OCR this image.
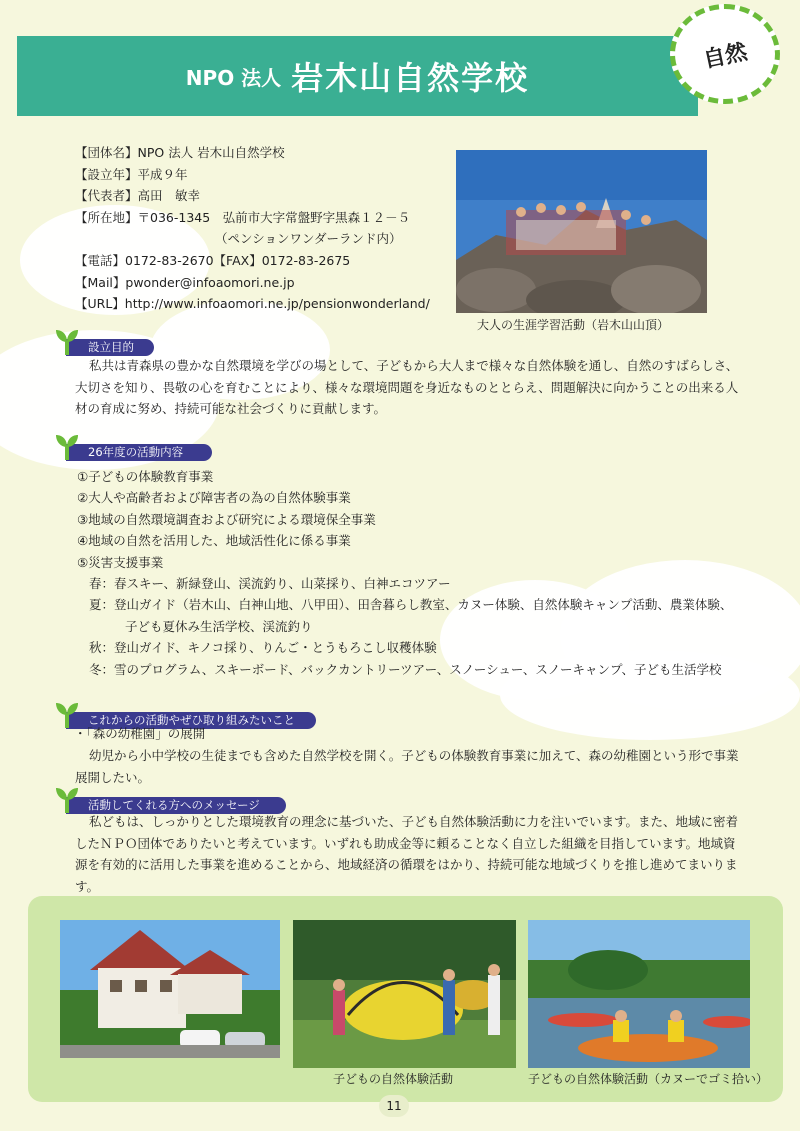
NPO 法人 岩木山自然学校
自然
【団体名】NPO 法人 岩木山自然学校
【設立年】平成９年
【代表者】高田　敏幸
【所在地】〒036-1345　弘前市大字常盤野字黒森１２－５
（ペンションワンダーランド内）
【電話】0172-83-2670【FAX】0172-83-2675
【Mail】pwonder@infoaomori.ne.jp
【URL】http://www.infoaomori.ne.jp/pensionwonderland/
大人の生涯学習活動（岩木山山頂）
設立目的
私共は青森県の豊かな自然環境を学びの場として、子どもから大人まで様々な自然体験を通し、自然のすばらしさ、大切さを知り、畏敬の心を育むことにより、様々な環境問題を身近なものととらえ、問題解決に向かうことの出来る人材の育成に努め、持続可能な社会づくりに貢献します。
26年度の活動内容
①子どもの体験教育事業
②大人や高齢者および障害者の為の自然体験事業
③地域の自然環境調査および研究による環境保全事業
④地域の自然を活用した、地域活性化に係る事業
⑤災害支援事業
春：春スキー、新緑登山、渓流釣り、山菜採り、白神エコツアー
夏：登山ガイド（岩木山、白神山地、八甲田）、田舎暮らし教室、カヌー体験、自然体験キャンプ活動、農業体験、
子ども夏休み生活学校、渓流釣り
秋：登山ガイド、キノコ採り、りんご・とうもろこし収穫体験
冬：雪のプログラム、スキーボード、バックカントリーツアー、スノーシュー、スノーキャンプ、子ども生活学校
これからの活動やぜひ取り組みたいこと
・「森の幼稚園」の展開
幼児から小中学校の生徒までも含めた自然学校を開く。子どもの体験教育事業に加えて、森の幼稚園という形で事業展開したい。
活動してくれる方へのメッセージ
私どもは、しっかりとした環境教育の理念に基づいた、子ども自然体験活動に力を注いでいます。また、地域に密着したＮＰＯ団体でありたいと考えています。いずれも助成金等に頼ることなく自立した組織を目指しています。地域資源を有効的に活用した事業を進めることから、地域経済の循環をはかり、持続可能な地域づくりを推し進めてまいります。
子どもの自然体験活動	子どもの自然体験活動（カヌーでゴミ拾い）
11
